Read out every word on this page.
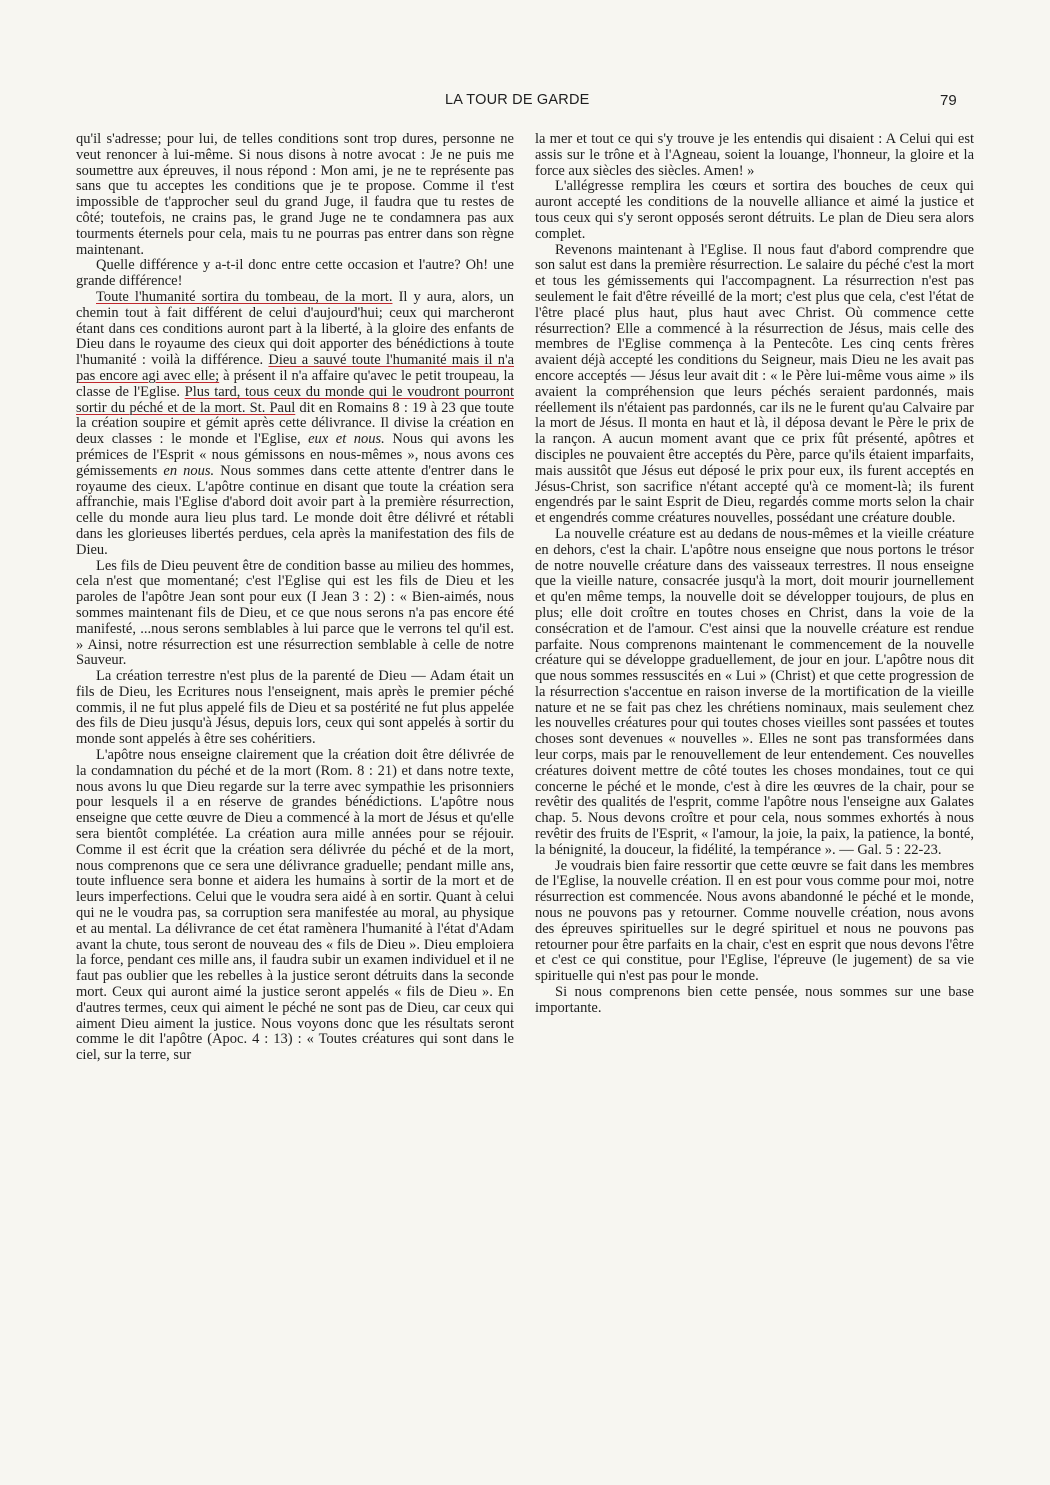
LA TOUR DE GARDE	79

qu'il s'adresse; pour lui, de telles conditions sont trop dures, personne ne veut renoncer à lui-même. Si nous disons à notre avocat : Je ne puis me soumettre aux épreuves, il nous répond : Mon ami, je ne te représente pas sans que tu acceptes les conditions que je te propose. Comme il t'est impossible de t'approcher seul du grand Juge, il faudra que tu restes de côté; toutefois, ne crains pas, le grand Juge ne te condamnera pas aux tourments éternels pour cela, mais tu ne pourras pas entrer dans son règne maintenant.

Quelle différence y a-t-il donc entre cette occasion et l'autre? Oh! une grande différence!

Toute l'humanité sortira du tombeau, de la mort. Il y aura, alors, un chemin tout à fait différent de celui d'aujourd'hui; ceux qui marcheront étant dans ces conditions auront part à la liberté, à la gloire des enfants de Dieu dans le royaume des cieux qui doit apporter des bénédictions à toute l'humanité : voilà la différence. Dieu a sauvé toute l'humanité mais il n'a pas encore agi avec elle; à présent il n'a affaire qu'avec le petit troupeau, la classe de l'Eglise. Plus tard, tous ceux du monde qui le voudront pourront sortir du péché et de la mort. St. Paul dit en Romains 8 : 19 à 23 que toute la création soupire et gémit après cette délivrance. Il divise la création en deux classes : le monde et l'Eglise, eux et nous. Nous qui avons les prémices de l'Esprit « nous gémissons en nous-mêmes », nous avons ces gémissements en nous. Nous sommes dans cette attente d'entrer dans le royaume des cieux. L'apôtre continue en disant que toute la création sera affranchie, mais l'Eglise d'abord doit avoir part à la première résurrection, celle du monde aura lieu plus tard. Le monde doit être délivré et rétabli dans les glorieuses libertés perdues, cela après la manifestation des fils de Dieu.

Les fils de Dieu peuvent être de condition basse au milieu des hommes, cela n'est que momentané; c'est l'Eglise qui est les fils de Dieu et les paroles de l'apôtre Jean sont pour eux (I Jean 3 : 2) : « Bien-aimés, nous sommes maintenant fils de Dieu, et ce que nous serons n'a pas encore été manifesté, ...nous serons semblables à lui parce que le verrons tel qu'il est. » Ainsi, notre résurrection est une résurrection semblable à celle de notre Sauveur.

La création terrestre n'est plus de la parenté de Dieu — Adam était un fils de Dieu, les Ecritures nous l'enseignent, mais après le premier péché commis, il ne fut plus appelé fils de Dieu et sa postérité ne fut plus appelée des fils de Dieu jusqu'à Jésus, depuis lors, ceux qui sont appelés à sortir du monde sont appelés à être ses cohéritiers.

L'apôtre nous enseigne clairement que la création doit être délivrée de la condamnation du péché et de la mort (Rom. 8 : 21) et dans notre texte, nous avons lu que Dieu regarde sur la terre avec sympathie les prisonniers pour lesquels il a en réserve de grandes bénédictions. L'apôtre nous enseigne que cette œuvre de Dieu a commencé à la mort de Jésus et qu'elle sera bientôt complétée. La création aura mille années pour se réjouir. Comme il est écrit que la création sera délivrée du péché et de la mort, nous comprenons que ce sera une délivrance graduelle; pendant mille ans, toute influence sera bonne et aidera les humains à sortir de la mort et de leurs imperfections. Celui que le voudra sera aidé à en sortir. Quant à celui qui ne le voudra pas, sa corruption sera manifestée au moral, au physique et au mental. La délivrance de cet état ramènera l'humanité à l'état d'Adam avant la chute, tous seront de nouveau des « fils de Dieu ». Dieu emploiera la force, pendant ces mille ans, il faudra subir un examen individuel et il ne faut pas oublier que les rebelles à la justice seront détruits dans la seconde mort. Ceux qui auront aimé la justice seront appelés « fils de Dieu ». En d'autres termes, ceux qui aiment le péché ne sont pas de Dieu, car ceux qui aiment Dieu aiment la justice. Nous voyons donc que les résultats seront comme le dit l'apôtre (Apoc. 4 : 13) : « Toutes créatures qui sont dans le ciel, sur la terre, sur

la mer et tout ce qui s'y trouve je les entendis qui disaient : A Celui qui est assis sur le trône et à l'Agneau, soient la louange, l'honneur, la gloire et la force aux siècles des siècles. Amen! »

L'allégresse remplira les cœurs et sortira des bouches de ceux qui auront accepté les conditions de la nouvelle alliance et aimé la justice et tous ceux qui s'y seront opposés seront détruits. Le plan de Dieu sera alors complet.

Revenons maintenant à l'Eglise. Il nous faut d'abord comprendre que son salut est dans la première résurrection. Le salaire du péché c'est la mort et tous les gémissements qui l'accompagnent. La résurrection n'est pas seulement le fait d'être réveillé de la mort; c'est plus que cela, c'est l'état de l'être placé plus haut, plus haut avec Christ. Où commence cette résurrection? Elle a commencé à la résurrection de Jésus, mais celle des membres de l'Eglise commença à la Pentecôte. Les cinq cents frères avaient déjà accepté les conditions du Seigneur, mais Dieu ne les avait pas encore acceptés — Jésus leur avait dit : « le Père lui-même vous aime » ils avaient la compréhension que leurs péchés seraient pardonnés, mais réellement ils n'étaient pas pardonnés, car ils ne le furent qu'au Calvaire par la mort de Jésus. Il monta en haut et là, il déposa devant le Père le prix de la rançon. A aucun moment avant que ce prix fût présenté, apôtres et disciples ne pouvaient être acceptés du Père, parce qu'ils étaient imparfaits, mais aussitôt que Jésus eut déposé le prix pour eux, ils furent acceptés en Jésus-Christ, son sacrifice n'étant accepté qu'à ce moment-là; ils furent engendrés par le saint Esprit de Dieu, regardés comme morts selon la chair et engendrés comme créatures nouvelles, possédant une créature double.

La nouvelle créature est au dedans de nous-mêmes et la vieille créature en dehors, c'est la chair. L'apôtre nous enseigne que nous portons le trésor de notre nouvelle créature dans des vaisseaux terrestres. Il nous enseigne que la vieille nature, consacrée jusqu'à la mort, doit mourir journellement et qu'en même temps, la nouvelle doit se développer toujours, de plus en plus; elle doit croître en toutes choses en Christ, dans la voie de la consécration et de l'amour. C'est ainsi que la nouvelle créature est rendue parfaite. Nous comprenons maintenant le commencement de la nouvelle créature qui se développe graduellement, de jour en jour. L'apôtre nous dit que nous sommes ressuscités en « Lui » (Christ) et que cette progression de la résurrection s'accentue en raison inverse de la mortification de la vieille nature et ne se fait pas chez les chrétiens nominaux, mais seulement chez les nouvelles créatures pour qui toutes choses vieilles sont passées et toutes choses sont devenues « nouvelles ». Elles ne sont pas transformées dans leur corps, mais par le renouvellement de leur entendement. Ces nouvelles créatures doivent mettre de côté toutes les choses mondaines, tout ce qui concerne le péché et le monde, c'est à dire les œuvres de la chair, pour se revêtir des qualités de l'esprit, comme l'apôtre nous l'enseigne aux Galates chap. 5. Nous devons croître et pour cela, nous sommes exhortés à nous revêtir des fruits de l'Esprit, « l'amour, la joie, la paix, la patience, la bonté, la bénignité, la douceur, la fidélité, la tempérance ». — Gal. 5 : 22-23.

Je voudrais bien faire ressortir que cette œuvre se fait dans les membres de l'Eglise, la nouvelle création. Il en est pour vous comme pour moi, notre résurrection est commencée. Nous avons abandonné le péché et le monde, nous ne pouvons pas y retourner. Comme nouvelle création, nous avons des épreuves spirituelles sur le degré spirituel et nous ne pouvons pas retourner pour être parfaits en la chair, c'est en esprit que nous devons l'être et c'est ce qui constitue, pour l'Eglise, l'épreuve (le jugement) de sa vie spirituelle qui n'est pas pour le monde.

Si nous comprenons bien cette pensée, nous sommes sur une base importante.
